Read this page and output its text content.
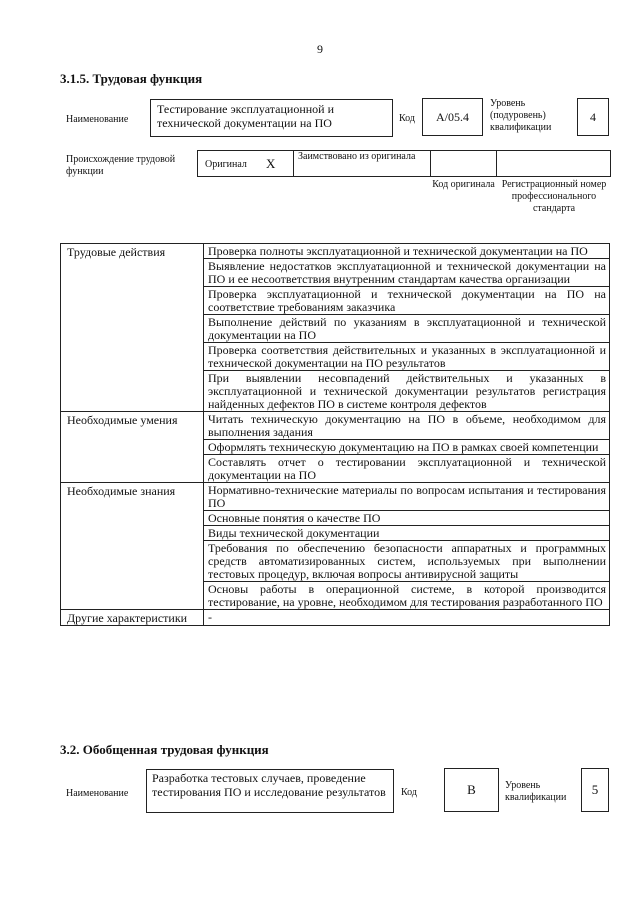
9
3.1.5. Трудовая функция
Наименование
Тестирование эксплуатационной и технической документации на ПО	Код	A/05.4
Уровень (подуровень) квалификации
4
Происхождение трудовой функции
Оригинал Х Заимствовано из оригинала
Код оригинала Регистрационный номер профессионального стандарта
Трудовые действия	Проверка полноты эксплуатационной и технической документации на ПО
	Выявление недостатков эксплуатационной и технической документации на ПО и ее несоответствия внутренним стандартам качества организации
	Проверка эксплуатационной и технической документации на ПО на соответствие требованиям заказчика
	Выполнение действий по указаниям в эксплуатационной и технической документации на ПО
	Проверка соответствия действительных и указанных в эксплуатационной и технической документации на ПО результатов
	При выявлении несовпадений действительных и указанных в эксплуатационной и технической документации результатов регистрация найденных дефектов ПО в системе контроля дефектов
Необходимые умения	Читать техническую документацию на ПО в объеме, необходимом для выполнения задания
	Оформлять техническую документацию на ПО в рамках своей компетенции
	Составлять отчет о тестировании эксплуатационной и технической документации на ПО
Необходимые знания	Нормативно-технические материалы по вопросам испытания и тестирования ПО
	Основные понятия о качестве ПО
	Виды технической документации
	Требования по обеспечению безопасности аппаратных и программных средств автоматизированных систем, используемых при выполнении тестовых процедур, включая вопросы антивирусной защиты
	Основы работы в операционной системе, в которой производится тестирование, на уровне, необходимом для тестирования разработанного ПО
Другие характеристики	-
3.2. Обобщенная трудовая функция
Наименование
Разработка тестовых случаев, проведение тестирования ПО и исследование результатов	Код	В	Уровень квалификации
5
